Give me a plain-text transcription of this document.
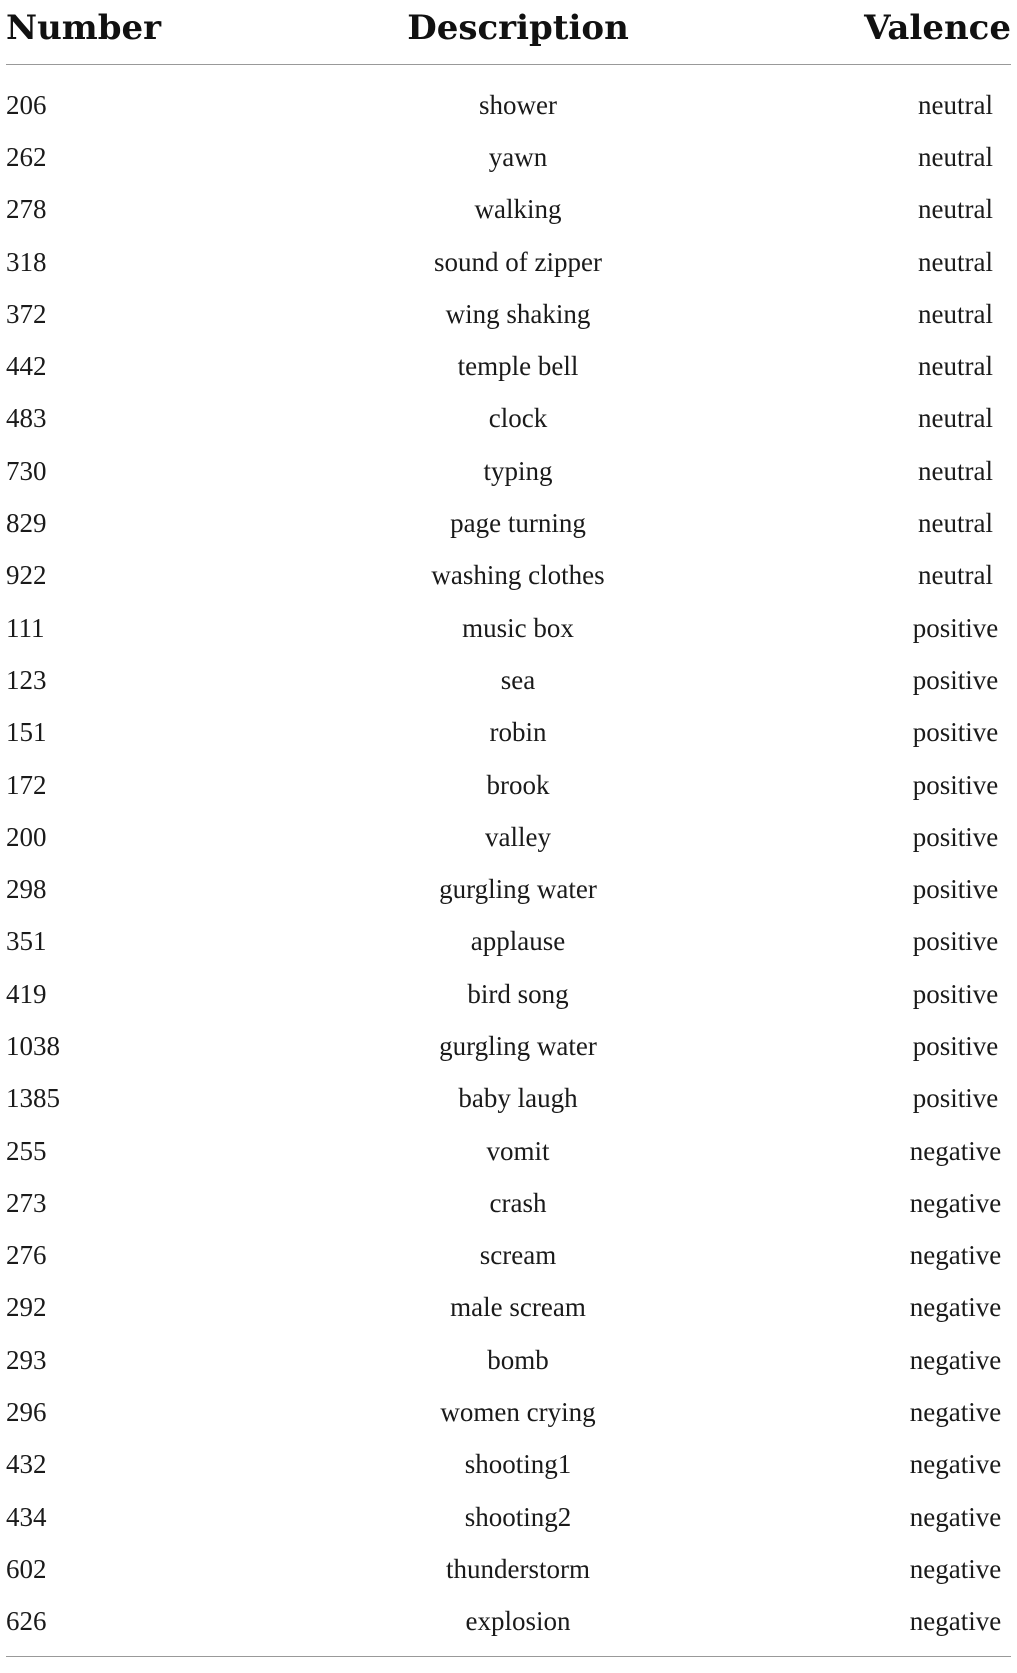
Number	Description	Valence
206	shower	neutral
262	yawn	neutral
278	walking	neutral
318	sound of zipper	neutral
372	wing shaking	neutral
442	temple bell	neutral
483	clock	neutral
730	typing	neutral
829	page turning	neutral
922	washing clothes	neutral
111	music box	positive
123	sea	positive
151	robin	positive
172	brook	positive
200	valley	positive
298	gurgling water	positive
351	applause	positive
419	bird song	positive
1038	gurgling water	positive
1385	baby laugh	positive
255	vomit	negative
273	crash	negative
276	scream	negative
292	male scream	negative
293	bomb	negative
296	women crying	negative
432	shooting1	negative
434	shooting2	negative
602	thunderstorm	negative
626	explosion	negative
